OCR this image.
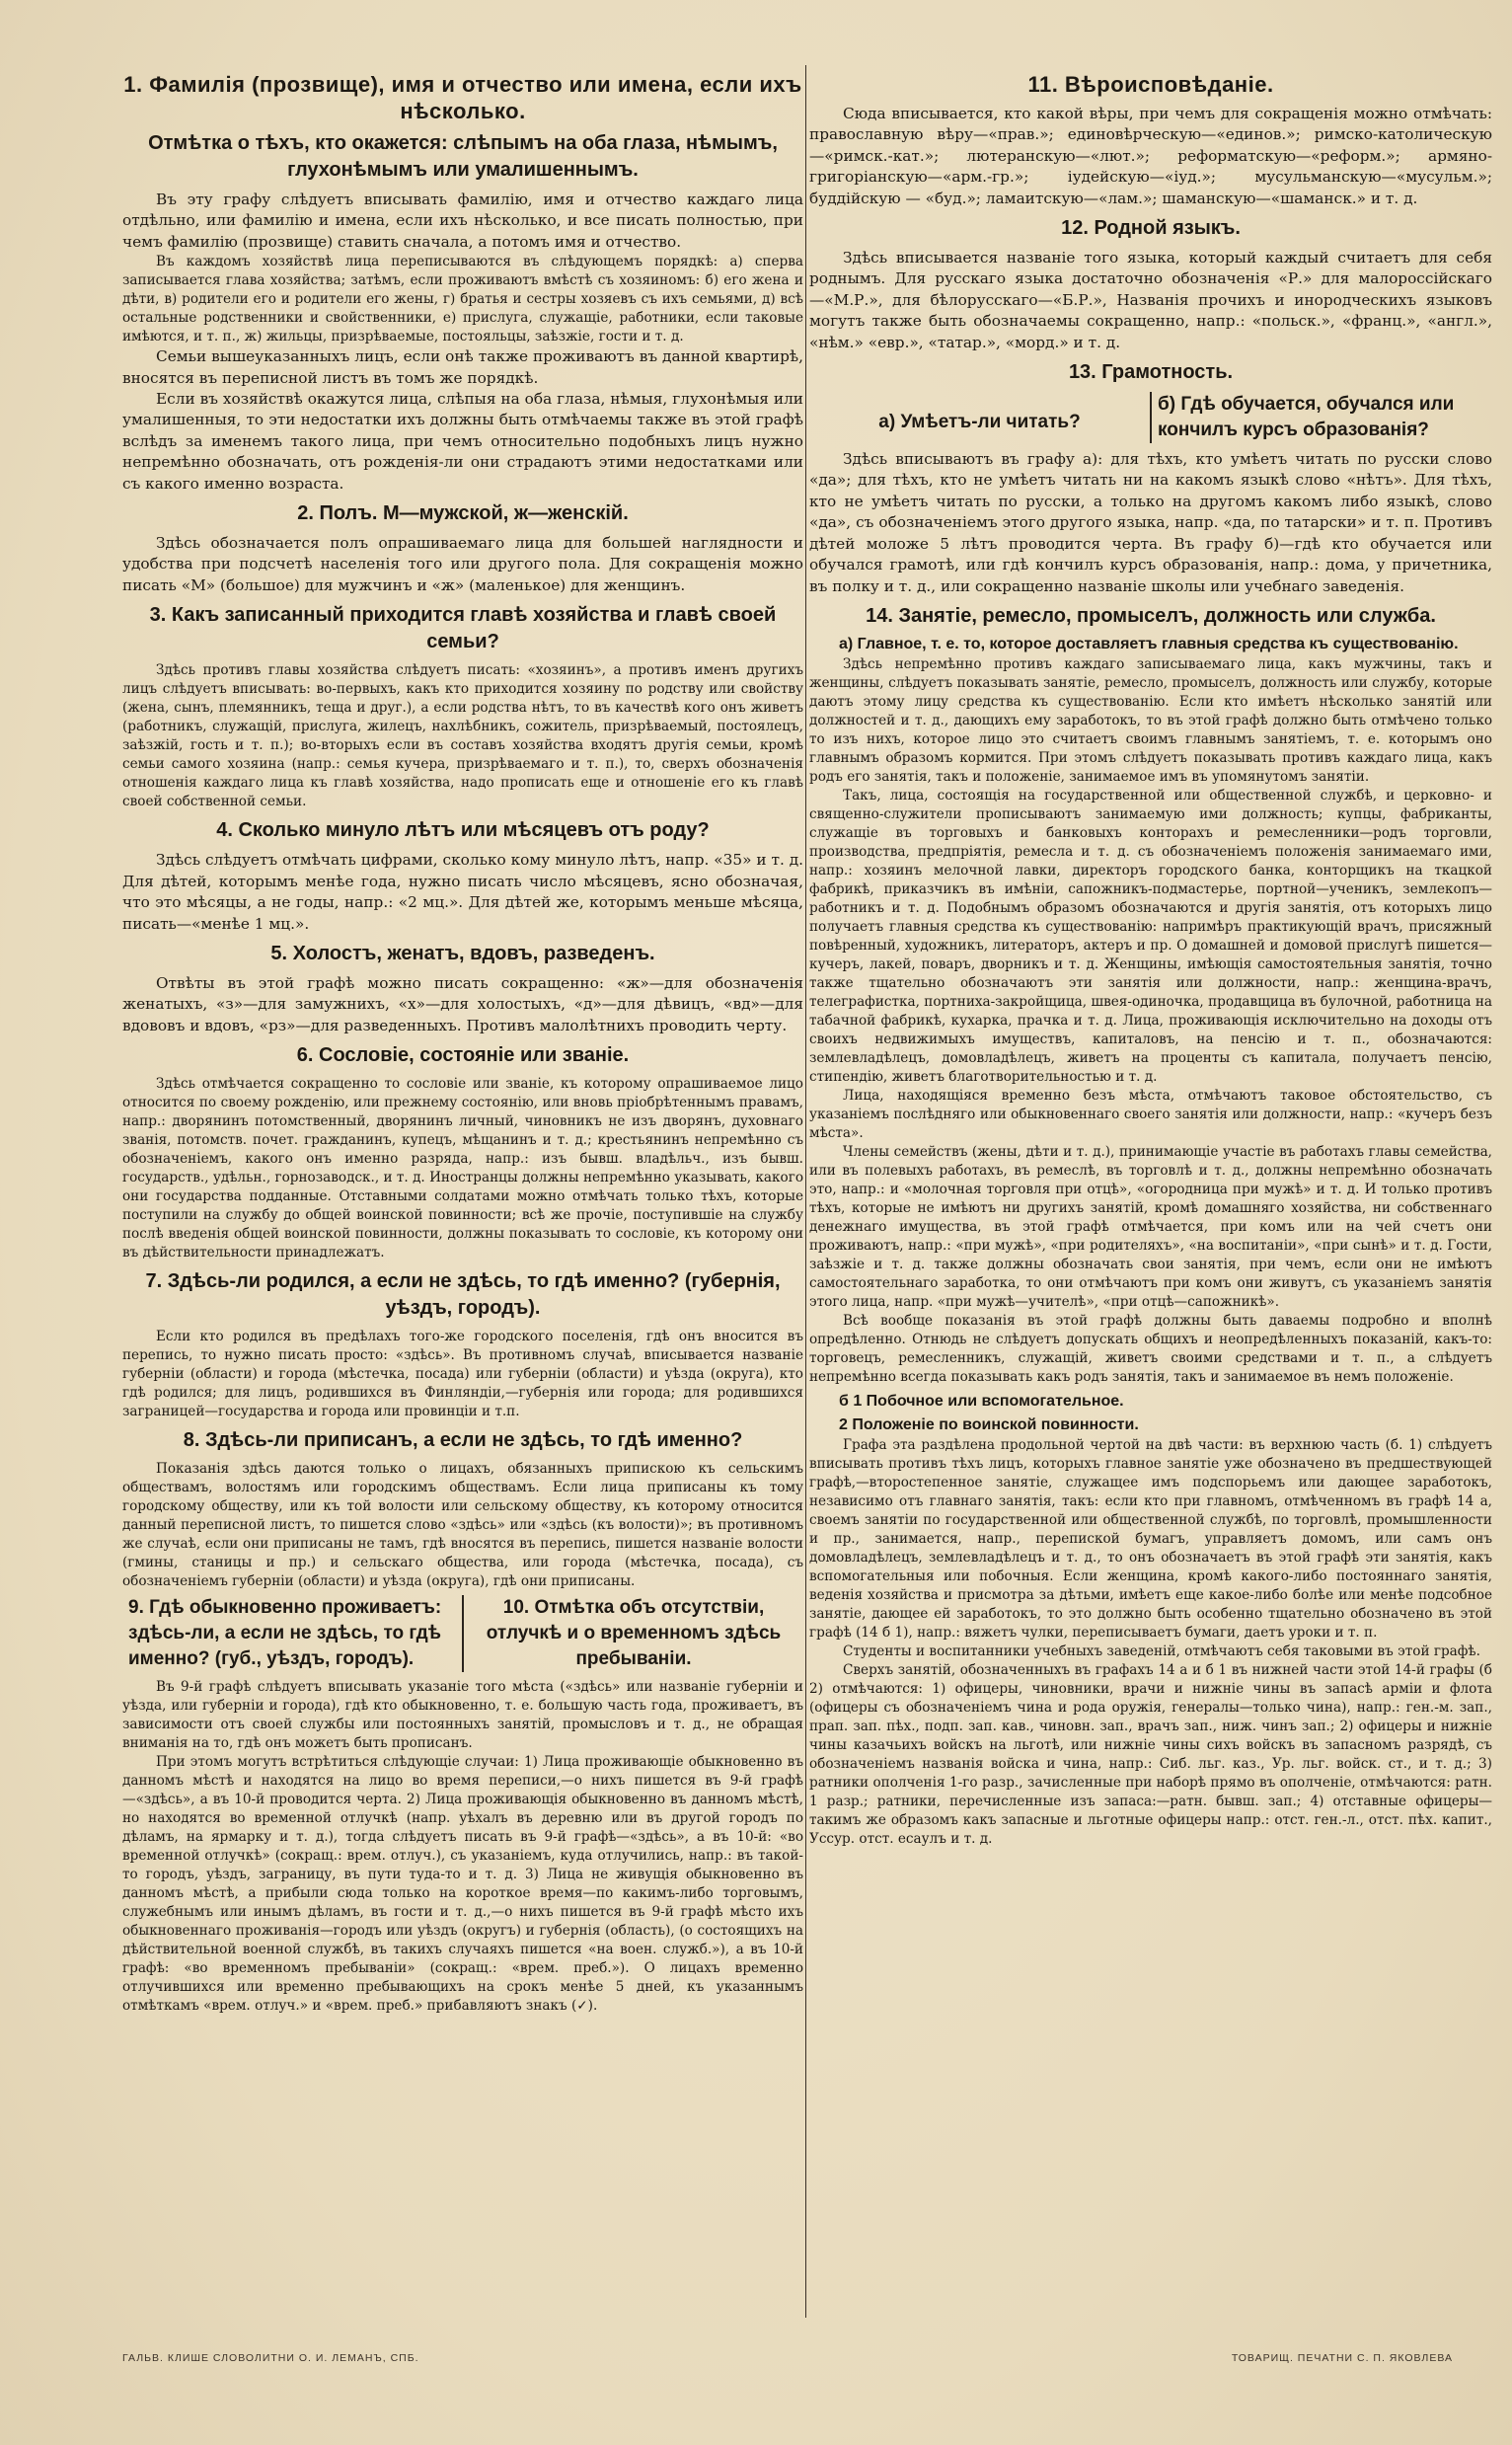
1. Фамилія (прозвище), имя и отчество или имена, если ихъ нѣсколько.
Отмѣтка о тѣхъ, кто окажется: слѣпымъ на оба глаза, нѣмымъ, глухонѣмымъ или умалишеннымъ.

Въ эту графу слѣдуетъ вписывать фамилію, имя и отчество каждаго лица отдѣльно, или фамилію и имена, если ихъ нѣсколько, и все писать полностью, при чемъ фамилію (прозвище) ставить сначала, а потомъ имя и отчество.

Въ каждомъ хозяйствѣ лица переписываются въ слѣдующемъ порядкѣ: а) сперва записывается глава хозяйства; затѣмъ, если проживаютъ вмѣстѣ съ хозяиномъ: б) его жена и дѣти, в) родители его и родители его жены, г) братья и сестры хозяевъ съ ихъ семьями, д) всѣ остальные родственники и свойственники, е) прислуга, служащіе, работники, если таковые имѣются, и т. п., ж) жильцы, призрѣваемые, постояльцы, заѣзжіе, гости и т. д.

Семьи вышеуказанныхъ лицъ, если онѣ также проживаютъ въ данной квартирѣ, вносятся въ переписной листъ въ томъ же порядкѣ.

Если въ хозяйствѣ окажутся лица, слѣпыя на оба глаза, нѣмыя, глухонѣмыя или умалишенныя, то эти недостатки ихъ должны быть отмѣчаемы также въ этой графѣ вслѣдъ за именемъ такого лица, при чемъ относительно подобныхъ лицъ нужно непремѣнно обозначать, отъ рожденія-ли они страдаютъ этими недостатками или съ какого именно возраста.

2. Полъ. М—мужской, ж—женскій.

Здѣсь обозначается полъ опрашиваемаго лица для большей наглядности и удобства при подсчетѣ населенія того или другого пола. Для сокращенія можно писать «М» (большое) для мужчинъ и «ж» (маленькое) для женщинъ.

3. Какъ записанный приходится главѣ хозяйства и главѣ своей семьи?

Здѣсь противъ главы хозяйства слѣдуетъ писать: «хозяинъ», а противъ именъ другихъ лицъ слѣдуетъ вписывать: во-первыхъ, какъ кто приходится хозяину по родству или свойству (жена, сынъ, племянникъ, теща и друг.), а если родства нѣтъ, то въ качествѣ кого онъ живетъ (работникъ, служащій, прислуга, жилецъ, нахлѣбникъ, сожитель, призрѣваемый, постоялецъ, заѣзжій, гость и т. п.); во-вторыхъ если въ составъ хозяйства входятъ другія семьи, кромѣ семьи самого хозяина (напр.: семья кучера, призрѣваемаго и т. п.), то, сверхъ обозначенія отношенія каждаго лица къ главѣ хозяйства, надо прописать еще и отношеніе его къ главѣ своей собственной семьи.

4. Сколько минуло лѣтъ или мѣсяцевъ отъ роду?

Здѣсь слѣдуетъ отмѣчать цифрами, сколько кому минуло лѣтъ, напр. «35» и т. д. Для дѣтей, которымъ менѣе года, нужно писать число мѣсяцевъ, ясно обозначая, что это мѣсяцы, а не годы, напр.: «2 мц.». Для дѣтей же, которымъ меньше мѣсяца, писать—«менѣе 1 мц.».

5. Холостъ, женатъ, вдовъ, разведенъ.

Отвѣты въ этой графѣ можно писать сокращенно: «ж»—для обозначенія женатыхъ, «з»—для замужнихъ, «х»—для холостыхъ, «д»—для дѣвицъ, «вд»—для вдововъ и вдовъ, «рз»—для разведенныхъ. Противъ малолѣтнихъ проводить черту.

6. Сословіе, состояніе или званіе.

Здѣсь отмѣчается сокращенно то сословіе или званіе, къ которому опрашиваемое лицо относится по своему рожденію, или прежнему состоянію, или вновь пріобрѣтеннымъ правамъ, напр.: дворянинъ потомственный, дворянинъ личный, чиновникъ не изъ дворянъ, духовнаго званія, потомств. почет. гражданинъ, купецъ, мѣщанинъ и т. д.; крестьянинъ непремѣнно съ обозначеніемъ, какого онъ именно разряда, напр.: изъ бывш. владѣльч., изъ бывш. государств., удѣльн., горнозаводск., и т. д. Иностранцы должны непремѣнно указывать, какого они государства подданные. Отставными солдатами можно отмѣчать только тѣхъ, которые поступили на службу до общей воинской повинности; всѣ же прочіе, поступившіе на службу послѣ введенія общей воинской повинности, должны показывать то сословіе, къ которому они въ дѣйствительности принадлежатъ.

7. Здѣсь-ли родился, а если не здѣсь, то гдѣ именно? (губернія, уѣздъ, городъ).

Если кто родился въ предѣлахъ того-же городского поселенія, гдѣ онъ вносится въ перепись, то нужно писать просто: «здѣсь». Въ противномъ случаѣ, вписывается названіе губерніи (области) и города (мѣстечка, посада) или губерніи (области) и уѣзда (округа), кто гдѣ родился; для лицъ, родившихся въ Финляндіи,—губернія или города; для родившихся заграницей—государства и города или провинціи и т.п.

8. Здѣсь-ли приписанъ, а если не здѣсь, то гдѣ именно?

Показанія здѣсь даются только о лицахъ, обязанныхъ припискою къ сельскимъ обществамъ, волостямъ или городскимъ обществамъ. Если лица приписаны къ тому городскому обществу, или къ той волости или сельскому обществу, къ которому относится данный переписной листъ, то пишется слово «здѣсь» или «здѣсь (къ волости)»; въ противномъ же случаѣ, если они приписаны не тамъ, гдѣ вносятся въ перепись, пишется названіе волости (гмины, станицы и пр.) и сельскаго общества, или города (мѣстечка, посада), съ обозначеніемъ губерніи (области) и уѣзда (округа), гдѣ они приписаны.

9. Гдѣ обыкновенно проживаетъ: здѣсь-ли, а если не здѣсь, то гдѣ именно? (губ., уѣздъ, городъ).
10. Отмѣтка объ отсутствіи, отлучкѣ и о временномъ здѣсь пребываніи.

Въ 9-й графѣ слѣдуетъ вписывать указаніе того мѣста («здѣсь» или названіе губерніи и уѣзда, или губерніи и города), гдѣ кто обыкновенно, т. е. большую часть года, проживаетъ, въ зависимости отъ своей службы или постоянныхъ занятій, промысловъ и т. д., не обращая вниманія на то, гдѣ онъ можетъ быть прописанъ.

При этомъ могутъ встрѣтиться слѣдующіе случаи: 1) Лица проживающіе обыкновенно въ данномъ мѣстѣ и находятся на лицо во время переписи,—о нихъ пишется въ 9-й графѣ—«здѣсь», а въ 10-й проводится черта. 2) Лица проживающія обыкновенно въ данномъ мѣстѣ, но находятся во временной отлучкѣ (напр. уѣхалъ въ деревню или въ другой городъ по дѣламъ, на ярмарку и т. д.), тогда слѣдуетъ писать въ 9-й графѣ—«здѣсь», а въ 10-й: «во временной отлучкѣ» (сокращ.: врем. отлуч.), съ указаніемъ, куда отлучились, напр.: въ такой-то городъ, уѣздъ, заграницу, въ пути туда-то и т. д. 3) Лица не живущія обыкновенно въ данномъ мѣстѣ, а прибыли сюда только на короткое время—по какимъ-либо торговымъ, служебнымъ или инымъ дѣламъ, въ гости и т. д.,—о нихъ пишется въ 9-й графѣ мѣсто ихъ обыкновеннаго проживанія—городъ или уѣздъ (округъ) и губернія (область), (о состоящихъ на дѣйствительной военной службѣ, въ такихъ случаяхъ пишется «на воен. служб.»), а въ 10-й графѣ: «во временномъ пребываніи» (сокращ.: «врем. преб.»). О лицахъ временно отлучившихся или временно пребывающихъ на срокъ менѣе 5 дней, къ указаннымъ отмѣткамъ «врем. отлуч.» и «врем. преб.» прибавляютъ знакъ (✓).

11. Вѣроисповѣданіе.

Сюда вписывается, кто какой вѣры, при чемъ для сокращенія можно отмѣчать: православную вѣру—«прав.»; единовѣрческую—«единов.»; римско-католическую—«римск.-кат.»; лютеранскую—«лют.»; реформатскую—«реформ.»; армяно-григоріанскую—«арм.-гр.»; іудейскую—«іуд.»; мусульманскую—«мусульм.»; буддійскую — «буд.»; ламаитскую—«лам.»; шаманскую—«шаманск.» и т. д.

12. Родной языкъ.

Здѣсь вписывается названіе того языка, который каждый считаетъ для себя роднымъ. Для русскаго языка достаточно обозначенія «Р.» для малороссійскаго—«М.Р.», для бѣлорусскаго—«Б.Р.», Названія прочихъ и инородческихъ языковъ могутъ также быть обозначаемы сокращенно, напр.: «польск.», «франц.», «англ.», «нѣм.» «евр.», «татар.», «морд.» и т. д.

13. Грамотность.
а) Умѣетъ-ли читать?
б) Гдѣ обучается, обучался или кончилъ курсъ образованія?

Здѣсь вписываютъ въ графу а): для тѣхъ, кто умѣетъ читать по русски слово «да»; для тѣхъ, кто не умѣетъ читать ни на какомъ языкѣ слово «нѣтъ». Для тѣхъ, кто не умѣетъ читать по русски, а только на другомъ какомъ либо языкѣ, слово «да», съ обозначеніемъ этого другого языка, напр. «да, по татарски» и т. п. Противъ дѣтей моложе 5 лѣтъ проводится черта. Въ графу б)—гдѣ кто обучается или обучался грамотѣ, или гдѣ кончилъ курсъ образованія, напр.: дома, у причетника, въ полку и т. д., или сокращенно названіе школы или учебнаго заведенія.

14. Занятіе, ремесло, промыселъ, должность или служба.
а) Главное, т. е. то, которое доставляетъ главныя средства къ существованію.

Здѣсь непремѣнно противъ каждаго записываемаго лица, какъ мужчины, такъ и женщины, слѣдуетъ показывать занятіе, ремесло, промыселъ, должность или службу, которые даютъ этому лицу средства къ существованію. Если кто имѣетъ нѣсколько занятій или должностей и т. д., дающихъ ему заработокъ, то въ этой графѣ должно быть отмѣчено только то изъ нихъ, которое лицо это считаетъ своимъ главнымъ занятіемъ, т. е. которымъ оно главнымъ образомъ кормится. При этомъ слѣдуетъ показывать противъ каждаго лица, какъ родъ его занятія, такъ и положеніе, занимаемое имъ въ упомянутомъ занятіи.

Такъ, лица, состоящія на государственной или общественной службѣ, и церковно- и священно-служители прописываютъ занимаемую ими должность; купцы, фабриканты, служащіе въ торговыхъ и банковыхъ конторахъ и ремесленники—родъ торговли, производства, предпріятія, ремесла и т. д. съ обозначеніемъ положенія занимаемаго ими, напр.: хозяинъ мелочной лавки, директоръ городского банка, конторщикъ на ткацкой фабрикѣ, приказчикъ въ имѣніи, сапожникъ-подмастерье, портной—ученикъ, землекопъ—работникъ и т. д. Подобнымъ образомъ обозначаются и другія занятія, отъ которыхъ лицо получаетъ главныя средства къ существованію: напримѣръ практикующій врачъ, присяжный повѣренный, художникъ, литераторъ, актеръ и пр. О домашней и домовой прислугѣ пишется—кучеръ, лакей, поваръ, дворникъ и т. д. Женщины, имѣющія самостоятельныя занятія, точно также тщательно обозначаютъ эти занятія или должности, напр.: женщина-врачъ, телеграфистка, портниха-закройщица, швея-одиночка, продавщица въ булочной, работница на табачной фабрикѣ, кухарка, прачка и т. д. Лица, проживающія исключительно на доходы отъ своихъ недвижимыхъ имуществъ, капиталовъ, на пенсію и т. п., обозначаются: землевладѣлецъ, домовладѣлецъ, живетъ на проценты съ капитала, получаетъ пенсію, стипендію, живетъ благотворительностью и т. д.

Лица, находящіяся временно безъ мѣста, отмѣчаютъ таковое обстоятельство, съ указаніемъ послѣдняго или обыкновеннаго своего занятія или должности, напр.: «кучеръ безъ мѣста».

Члены семействъ (жены, дѣти и т. д.), принимающіе участіе въ работахъ главы семейства, или въ полевыхъ работахъ, въ ремеслѣ, въ торговлѣ и т. д., должны непремѣнно обозначать это, напр.: и «молочная торговля при отцѣ», «огородница при мужѣ» и т. д. И только противъ тѣхъ, которые не имѣютъ ни другихъ занятій, кромѣ домашняго хозяйства, ни собственнаго денежнаго имущества, въ этой графѣ отмѣчается, при комъ или на чей счетъ они проживаютъ, напр.: «при мужѣ», «при родителяхъ», «на воспитаніи», «при сынѣ» и т. д. Гости, заѣзжіе и т. д. также должны обозначать свои занятія, при чемъ, если они не имѣютъ самостоятельнаго заработка, то они отмѣчаютъ при комъ они живутъ, съ указаніемъ занятія этого лица, напр. «при мужѣ—учителѣ», «при отцѣ—сапожникѣ».

Всѣ вообще показанія въ этой графѣ должны быть даваемы подробно и вполнѣ опредѣленно. Отнюдь не слѣдуетъ допускать общихъ и неопредѣленныхъ показаній, какъ-то: торговецъ, ремесленникъ, служащій, живетъ своими средствами и т. п., а слѣдуетъ непремѣнно всегда показывать какъ родъ занятія, такъ и занимаемое въ немъ положеніе.

б 1 Побочное или вспомогательное.
2 Положеніе по воинской повинности.

Графа эта раздѣлена продольной чертой на двѣ части: въ верхнюю часть (б. 1) слѣдуетъ вписывать противъ тѣхъ лицъ, которыхъ главное занятіе уже обозначено въ предшествующей графѣ,—второстепенное занятіе, служащее имъ подспорьемъ или дающее заработокъ, независимо отъ главнаго занятія, такъ: если кто при главномъ, отмѣченномъ въ графѣ 14 а, своемъ занятіи по государственной или общественной службѣ, по торговлѣ, промышленности и пр., занимается, напр., перепиской бумагъ, управляетъ домомъ, или самъ онъ домовладѣлецъ, землевладѣлецъ и т. д., то онъ обозначаетъ въ этой графѣ эти занятія, какъ вспомогательныя или побочныя. Если женщина, кромѣ какого-либо постояннаго занятія, веденія хозяйства и присмотра за дѣтьми, имѣетъ еще какое-либо болѣе или менѣе подсобное занятіе, дающее ей заработокъ, то это должно быть особенно тщательно обозначено въ этой графѣ (14 б 1), напр.: вяжетъ чулки, переписываетъ бумаги, даетъ уроки и т. п.

Студенты и воспитанники учебныхъ заведеній, отмѣчаютъ себя таковыми въ этой графѣ.

Сверхъ занятій, обозначенныхъ въ графахъ 14 а и б 1 въ нижней части этой 14-й графы (б 2) отмѣчаются: 1) офицеры, чиновники, врачи и нижніе чины въ запасѣ арміи и флота (офицеры съ обозначеніемъ чина и рода оружія, генералы—только чина), напр.: ген.-м. зап., прап. зап. пѣх., подп. зап. кав., чиновн. зап., врачъ зап., ниж. чинъ зап.; 2) офицеры и нижніе чины казачьихъ войскъ на льготѣ, или нижніе чины сихъ войскъ въ запасномъ разрядѣ, съ обозначеніемъ названія войска и чина, напр.: Сиб. льг. каз., Ур. льг. войск. ст., и т. д.; 3) ратники ополченія 1-го разр., зачисленные при наборѣ прямо въ ополченіе, отмѣчаются: ратн. 1 разр.; ратники, перечисленные изъ запаса:—ратн. бывш. зап.; 4) отставные офицеры—такимъ же образомъ какъ запасные и льготные офицеры напр.: отст. ген.-л., отст. пѣх. капит., Уссур. отст. есаулъ и т. д.

ГАЛЬВ. КЛИШЕ СЛОВОЛИТНИ О. И. ЛЕМАНЪ, СПБ.	ТОВАРИЩ. ПЕЧАТНИ С. П. ЯКОВЛЕВА
